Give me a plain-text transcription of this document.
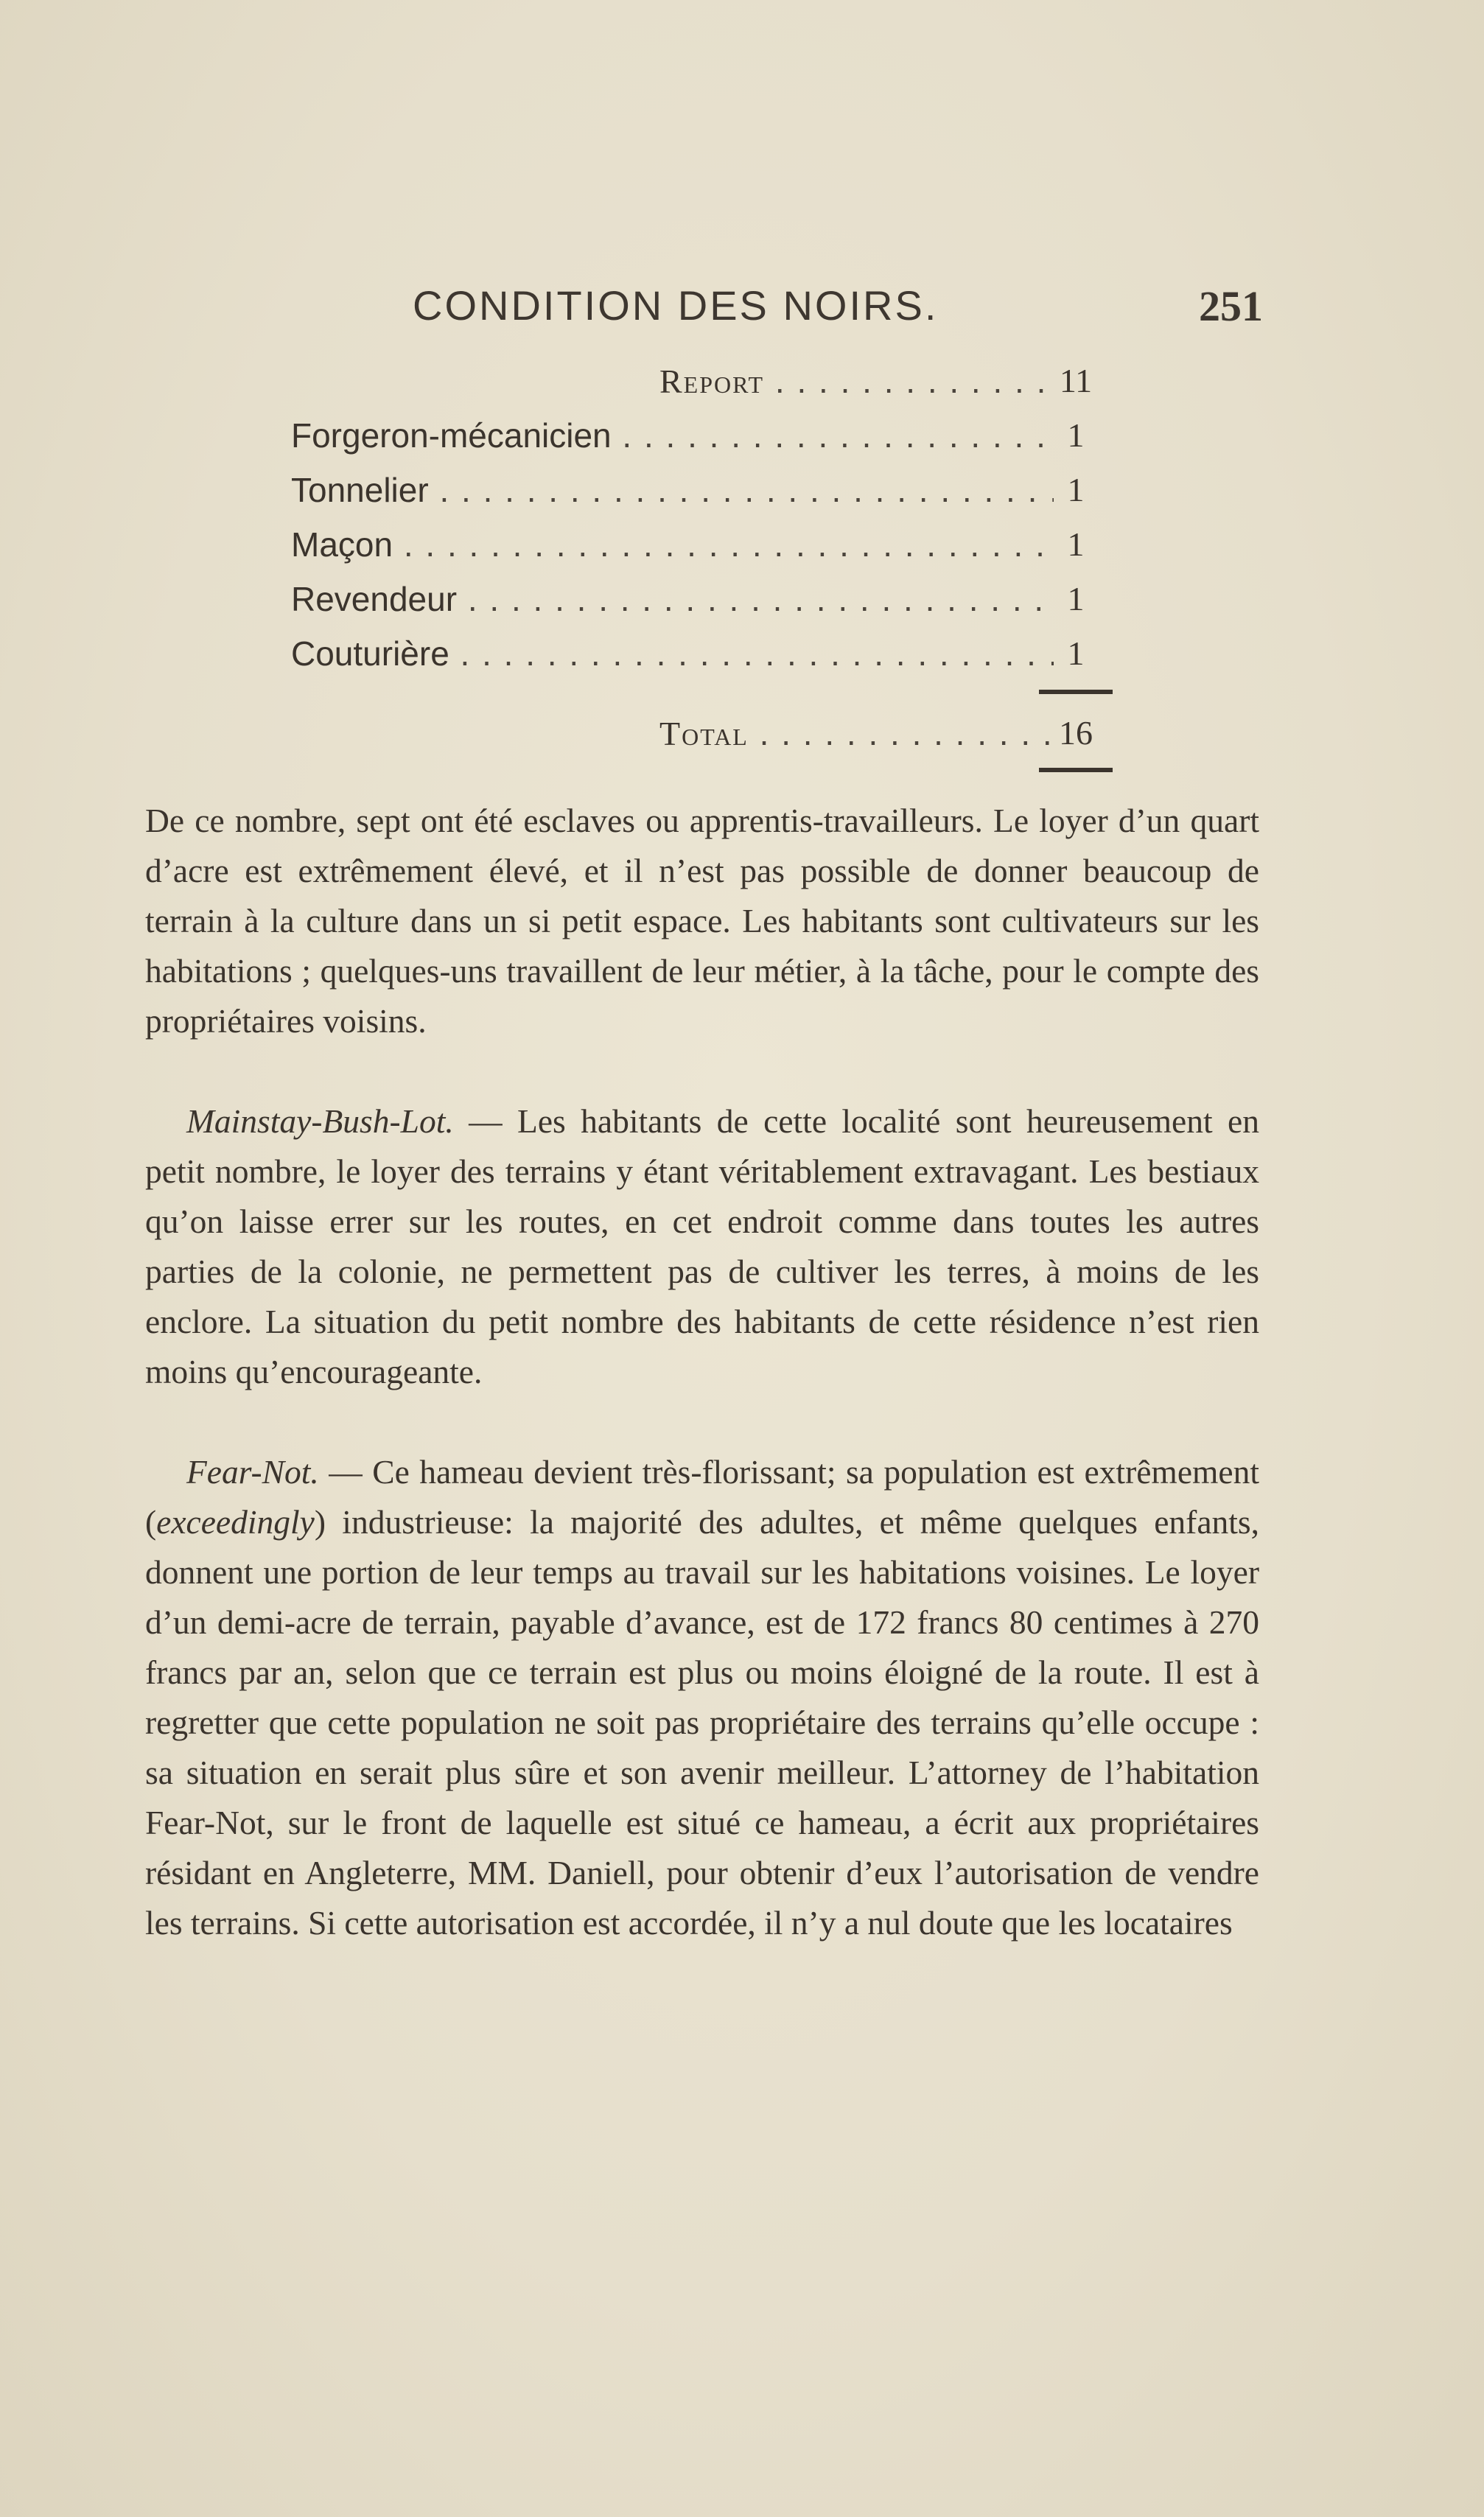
CONDITION DES NOIRS.	251
Report . . .	11
Forgeron-mécanicien . . .	1
Tonnelier . . .	1
Maçon . . .	1
Revendeur . . .	1
Couturière . . .	1
Total . . .	16

De ce nombre, sept ont été esclaves ou apprentis-travailleurs. Le loyer d’un quart d’acre est extrêmement élevé, et il n’est pas possible de donner beaucoup de terrain à la culture dans un si petit espace. Les habitants sont cultivateurs sur les habitations ; quelques-uns travaillent de leur métier, à la tâche, pour le compte des propriétaires voisins.

Mainstay-Bush-Lot. — Les habitants de cette localité sont heureusement en petit nombre, le loyer des terrains y étant véritablement extravagant. Les bestiaux qu’on laisse errer sur les routes, en cet endroit comme dans toutes les autres parties de la colonie, ne permettent pas de cultiver les terres, à moins de les enclore. La situation du petit nombre des habitants de cette résidence n’est rien moins qu’encourageante.

Fear-Not. — Ce hameau devient très-florissant; sa population est extrêmement (exceedingly) industrieuse: la majorité des adultes, et même quelques enfants, donnent une portion de leur temps au travail sur les habitations voisines. Le loyer d’un demi-acre de terrain, payable d’avance, est de 172 francs 80 centimes à 270 francs par an, selon que ce terrain est plus ou moins éloigné de la route. Il est à regretter que cette population ne soit pas propriétaire des terrains qu’elle occupe : sa situation en serait plus sûre et son avenir meilleur. L’attorney de l’habitation Fear-Not, sur le front de laquelle est situé ce hameau, a écrit aux propriétaires résidant en Angleterre, MM. Daniell, pour obtenir d’eux l’autorisation de vendre les terrains. Si cette autorisation est accordée, il n’y a nul doute que les locataires
